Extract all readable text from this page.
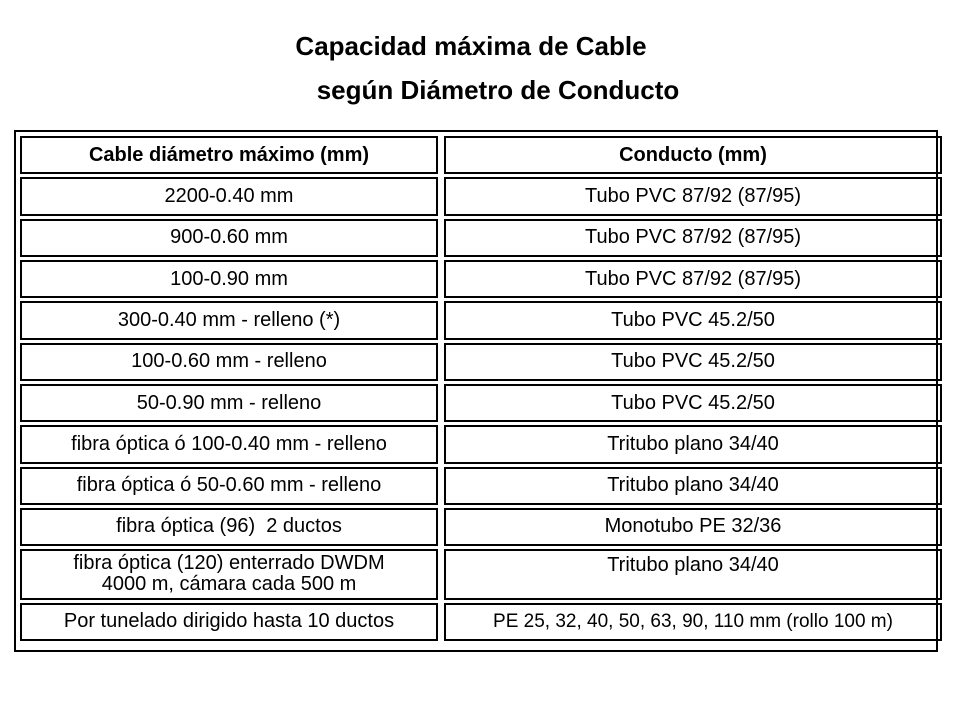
Capacidad máxima de Cable
según Diámetro de Conducto
Cable diámetro máximo (mm)		Conducto (mm)
2200-0.40 mm		Tubo PVC 87/92 (87/95)
900-0.60 mm		Tubo PVC 87/92 (87/95)
100-0.90 mm		Tubo PVC 87/92 (87/95)
300-0.40 mm - relleno (*)		Tubo PVC 45.2/50
100-0.60 mm - relleno		Tubo PVC 45.2/50
50-0.90 mm - relleno		Tubo PVC 45.2/50
fibra óptica ó 100-0.40 mm - relleno		Tritubo plano 34/40
fibra óptica ó 50-0.60 mm - relleno		Tritubo plano 34/40
fibra óptica (96)  2 ductos		Monotubo PE 32/36

fibra óptica (120) enterrado DWDM
4000 m, cámara cada 500 m		Tritubo plano 34/40
Por tunelado dirigido hasta 10 ductos		PE 25, 32, 40, 50, 63, 90, 110 mm (rollo 100 m)
